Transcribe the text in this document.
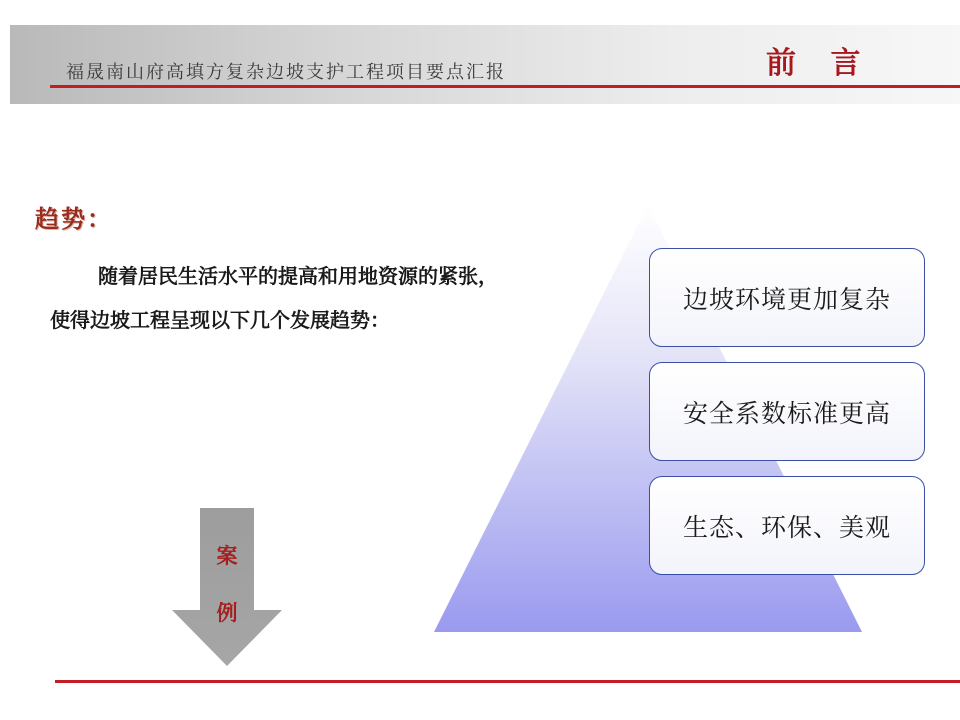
福晟南山府高填方复杂边坡支护工程项目要点汇报	前 言
趋势：
随着居民生活水平的提高和用地资源的紧张，使得边坡工程呈现以下几个发展趋势：
案
例
边坡环境更加复杂
安全系数标准更高
生态、环保、美观
